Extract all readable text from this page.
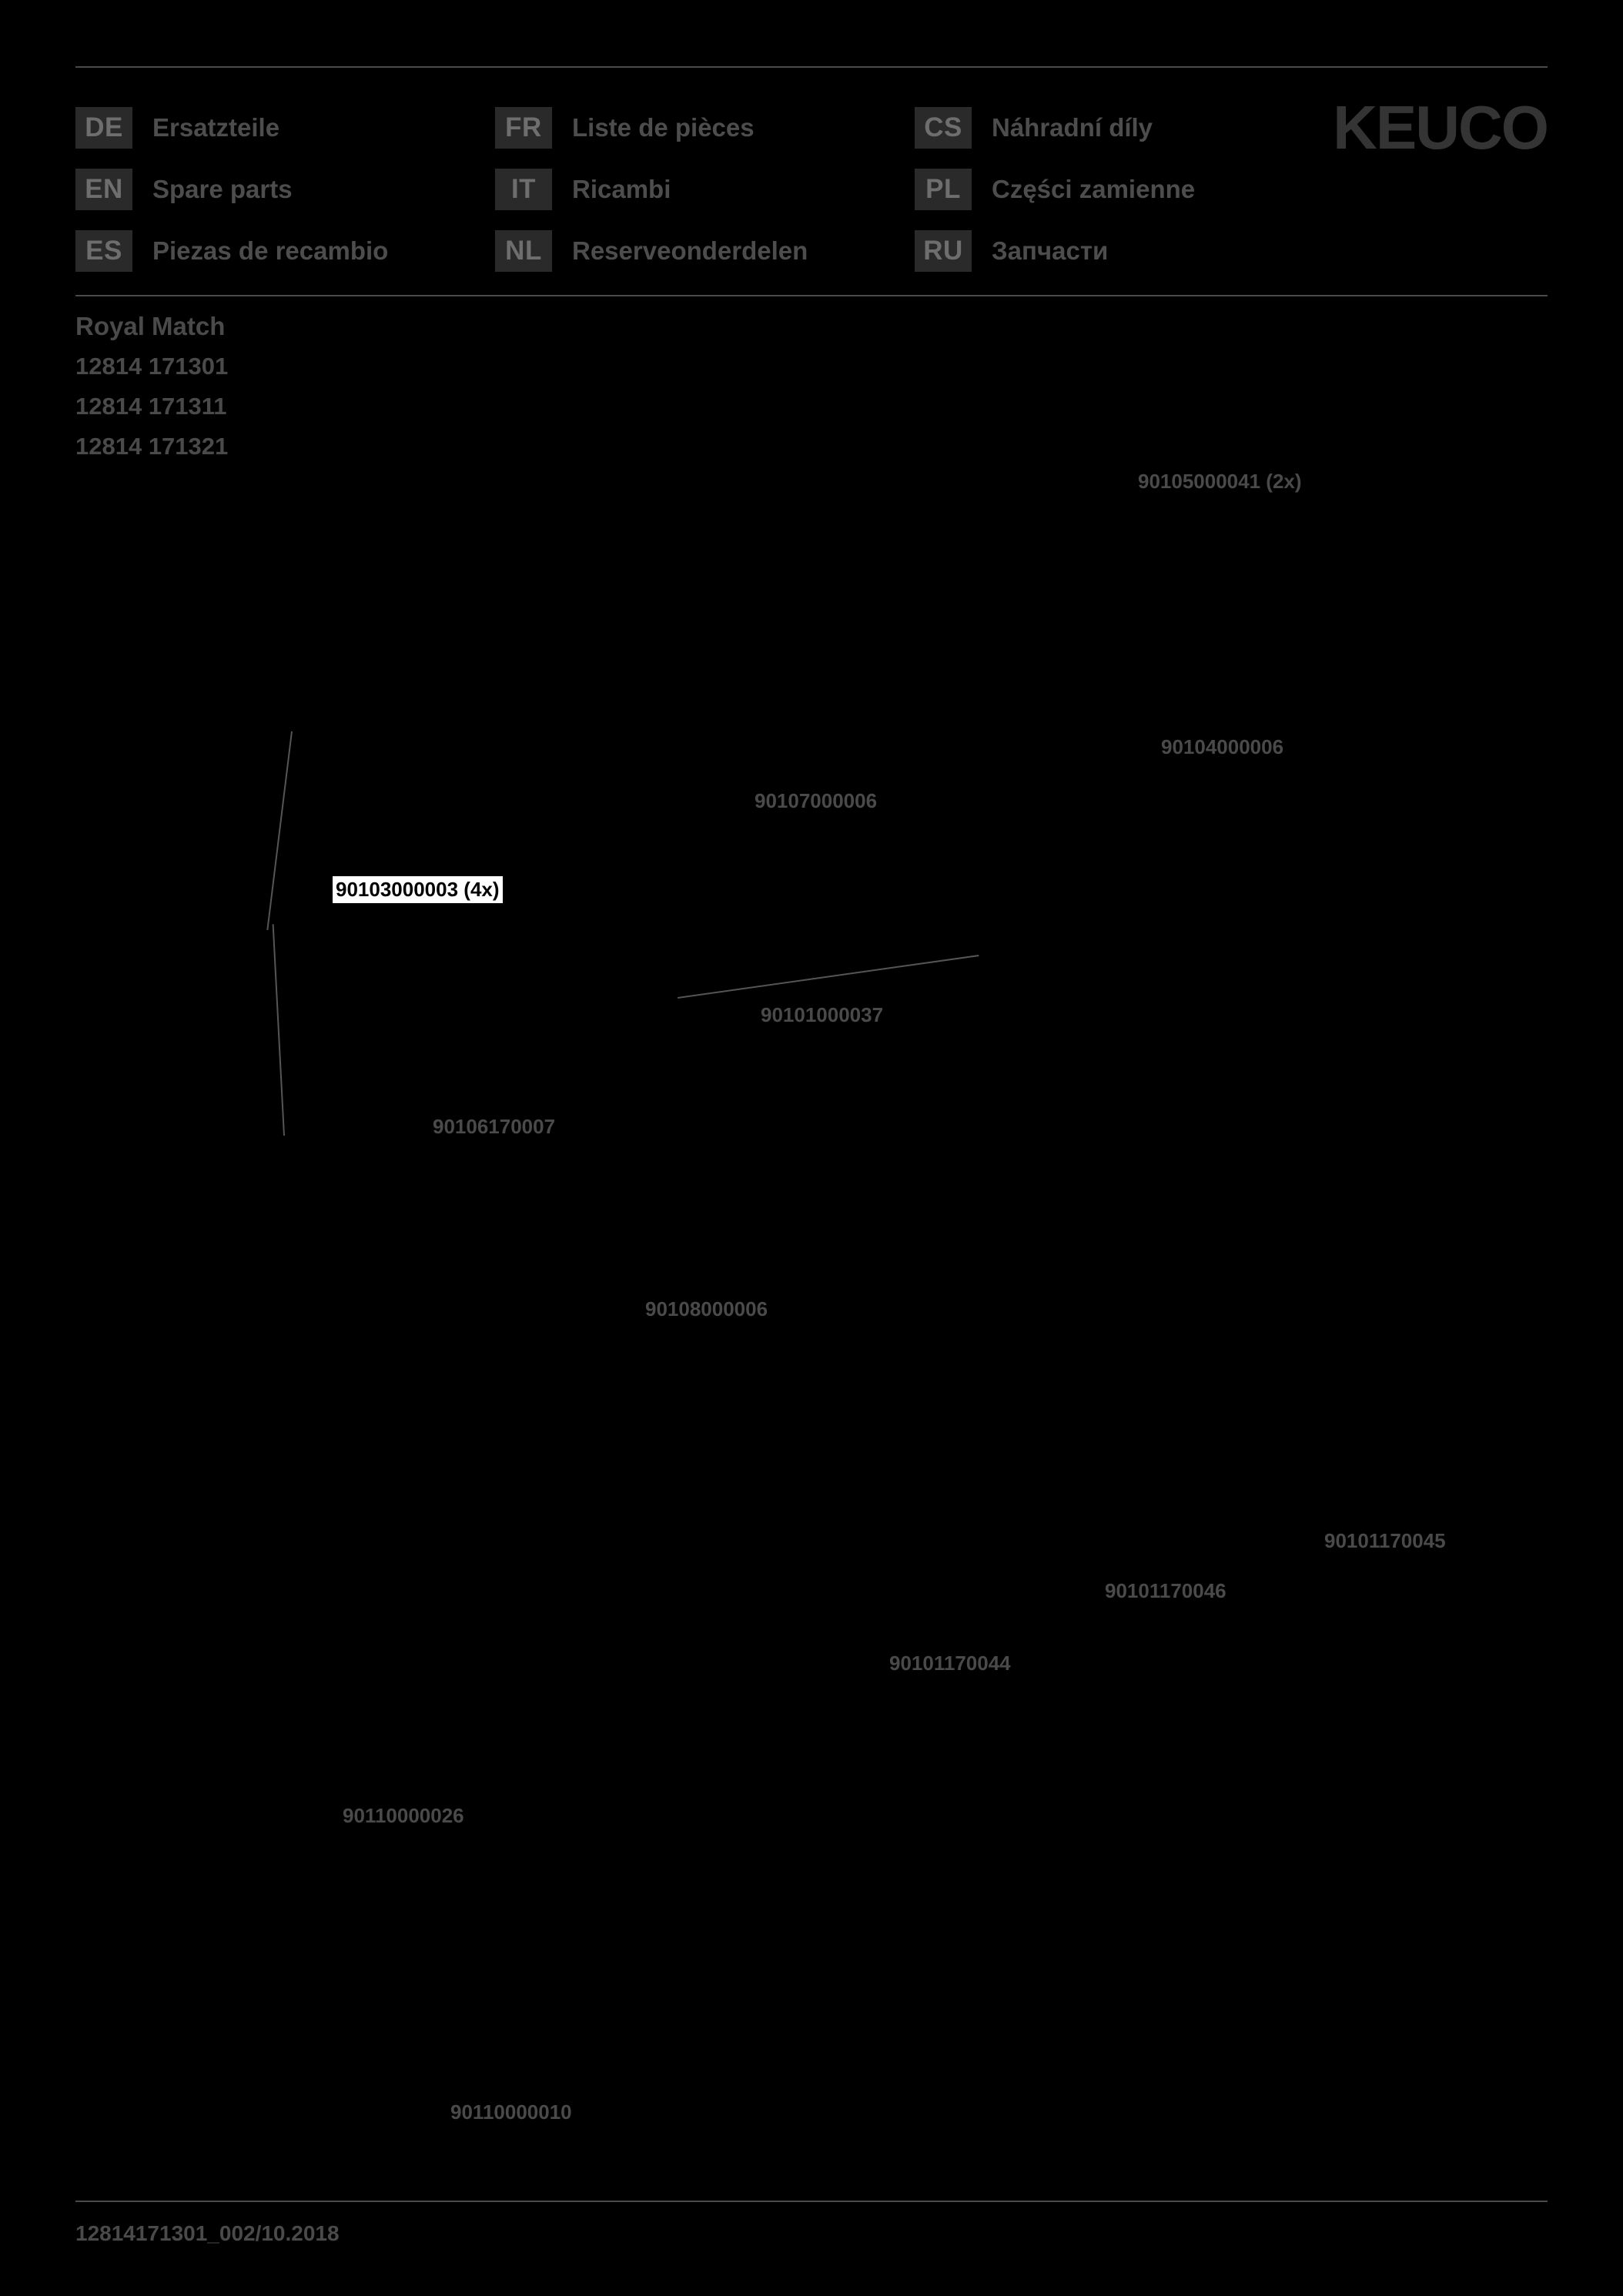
DE	Ersatzteile	FR	Liste de pièces	CS	Náhradní díly
EN	Spare parts	IT	Ricambi	PL	Części zamienne
ES	Piezas de recambio	NL	Reserveonderdelen	RU	Запчасти
KEUCO
Royal Match
12814 171301
12814 171311
12814 171321
90105000041 (2x)
90104000006
90107000006
90103000003 (4x)
90101000037
90106170007
90108000006
90101170045
90101170046
90101170044
90110000026
90110000010
12814171301_002/10.2018
